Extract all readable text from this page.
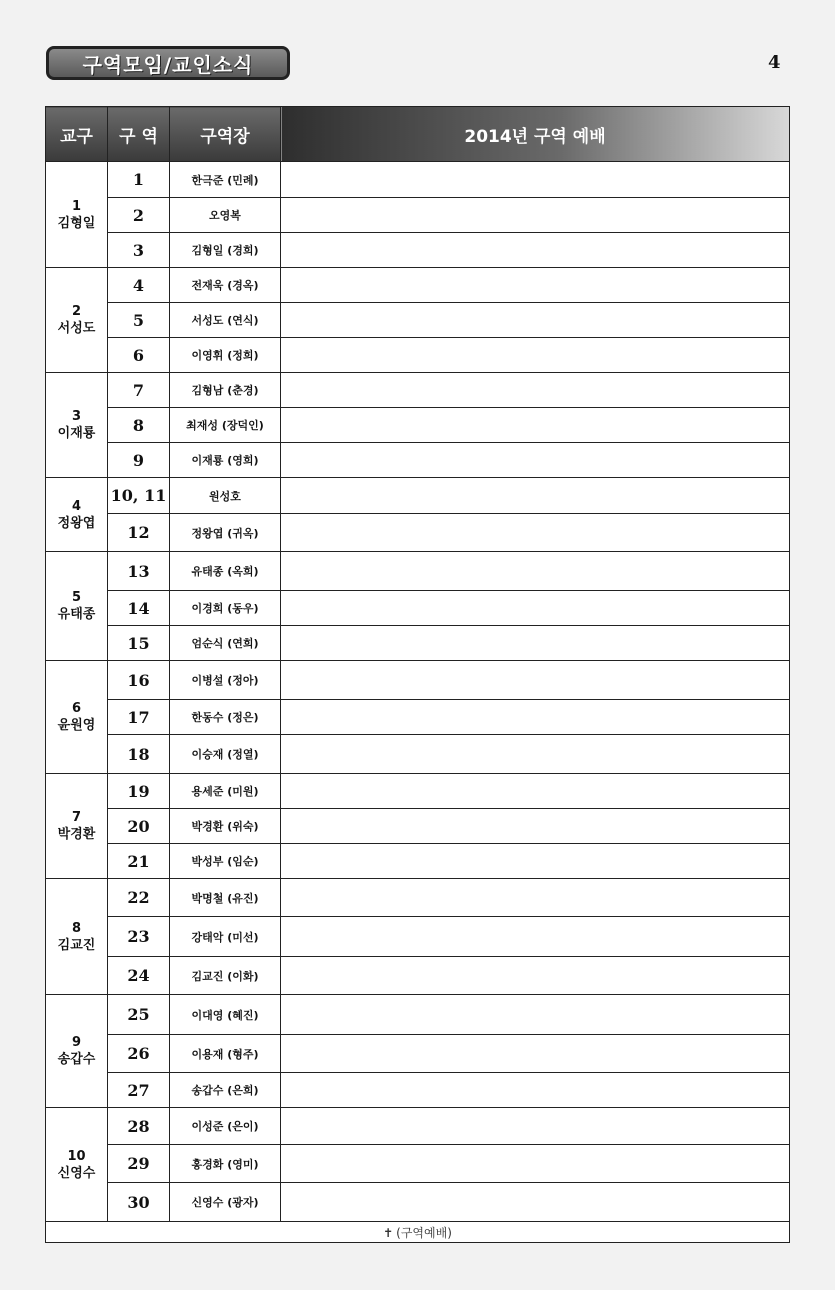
구역모임/교인소식	4
교구	구 역	구역장	2014년 구역 예배

1
김형일	1	한극준 (민례)	
	2	오영복	
	3	김형일 (경희)	

2
서성도	4	전재욱 (경옥)	
	5	서성도 (연식)	
	6	이영휘 (정희)	

3
이재룡	7	김형남 (춘경)	
	8	최재성 (장덕인)	
	9	이재룡 (영희)	

4
정왕엽	10, 11	원성호	
	12	정왕엽 (귀옥)	

5
유태종	13	유태종 (옥희)	
	14	이경희 (동우)	
	15	엄순식 (연희)	

6
윤원영	16	이병설 (정아)	
	17	한동수 (정은)	
	18	이승재 (정열)	

7
박경환	19	용세준 (미원)	
	20	박경환 (위숙)	
	21	박성부 (임순)	

8
김교진	22	박명철 (유진)	
	23	강태악 (미선)	
	24	김교진 (이화)	

9
송갑수	25	이대영 (혜진)	
	26	이용재 (형주)	
	27	송갑수 (은희)	

10
신영수	28	이성준 (은이)	
	29	홍경화 (영미)	
	30	신영수 (광자)	
✝ (구역예배)			
